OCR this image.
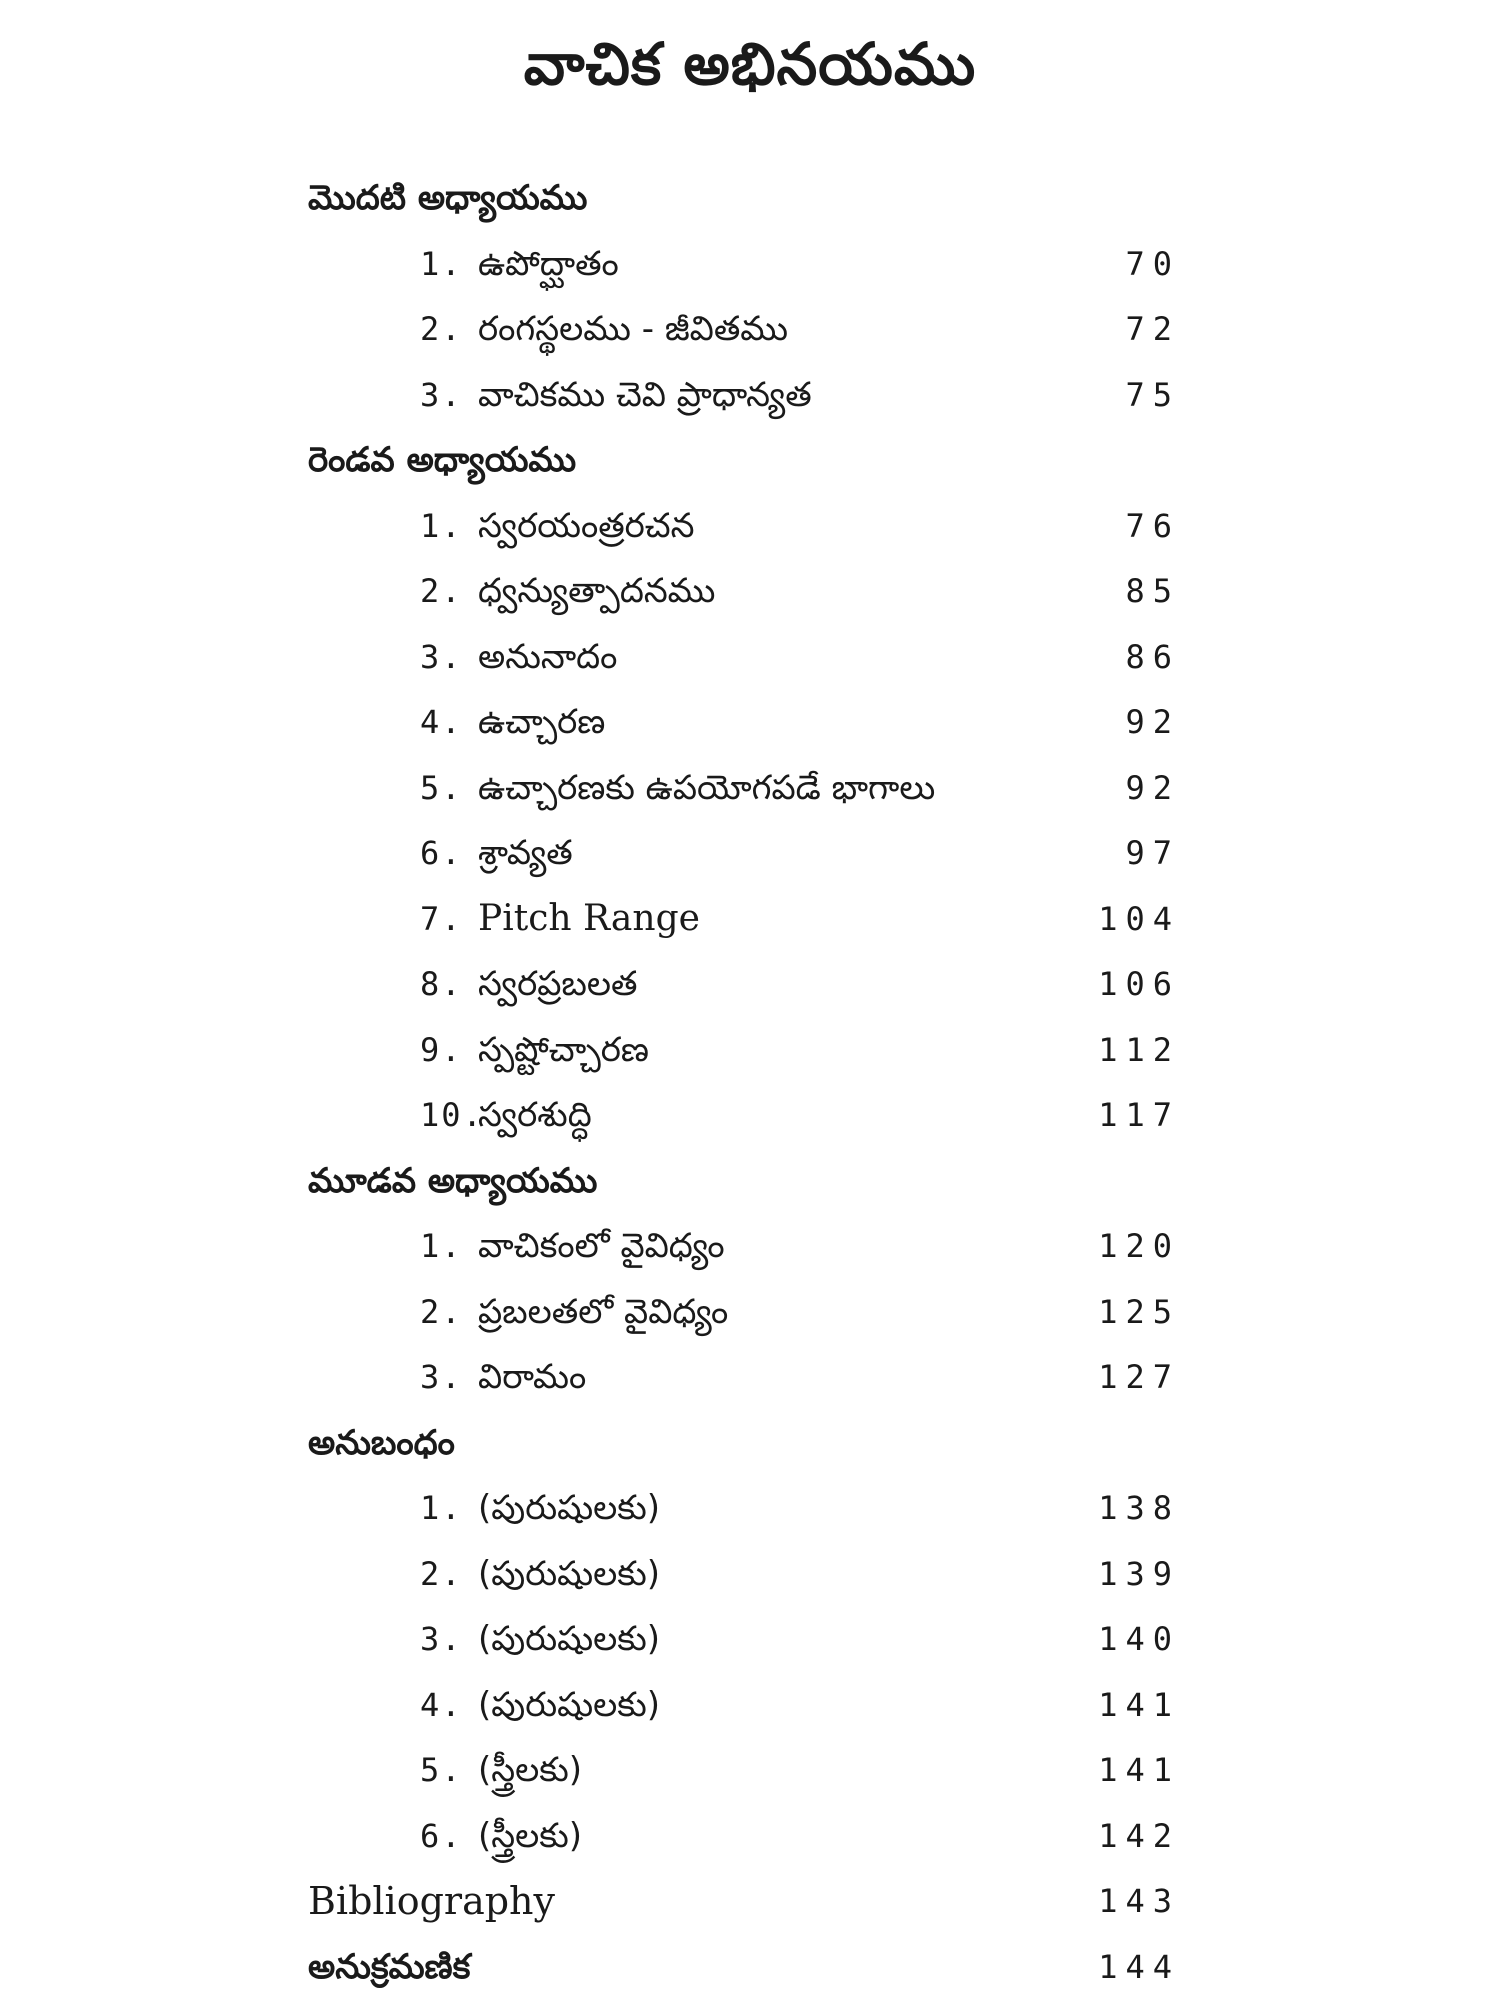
వాచిక అభినయము
మొదటి అధ్యాయము
1. ఉపోద్ఘాతం	70
2. రంగస్థలము - జీవితము	72
3. వాచికము చెవి ప్రాధాన్యత	75
రెండవ అధ్యాయము
1. స్వరయంత్రరచన	76
2. ధ్వన్యుత్పాదనము	85
3. అనునాదం	86
4. ఉచ్చారణ	92
5. ఉచ్చారణకు ఉపయోగపడే భాగాలు	92
6. శ్రావ్యత	97
7. Pitch Range	104
8. స్వరప్రబలత	106
9. స్పష్టోచ్చారణ	112
10.స్వరశుద్ధి	117
మూడవ అధ్యాయము
1. వాచికంలో వైవిధ్యం	120
2. ప్రబలతలో వైవిధ్యం	125
3. విరామం	127
అనుబంధం
1. (పురుషులకు)	138
2. (పురుషులకు)	139
3. (పురుషులకు)	140
4. (పురుషులకు)	141
5. (స్త్రీలకు)	141
6. (స్త్రీలకు)	142
Bibliography	143
అనుక్రమణిక	144
